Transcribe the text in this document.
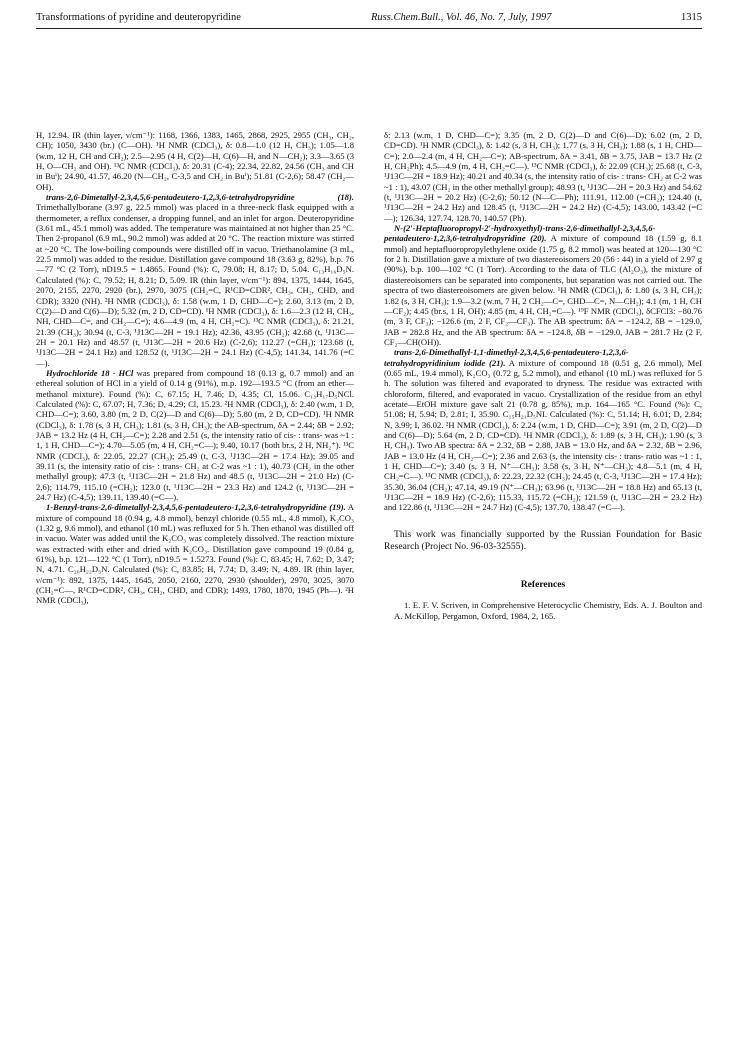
Transformations of pyridine and deuteropyridine	Russ.Chem.Bull., Vol. 46, No. 7, July, 1997	1315

H, 12.94. IR (thin layer, ν/cm⁻¹): 1168, 1366, 1383, 1465, 2868, 2925, 2955 (CH₃, CH₂, CH); 1050, 3430 (br.) (C—OH). ¹H NMR (CDCl₃), δ: 0.8—1.0 (12 H, CH₃); 1.05—1.8 (w.m, 12 H, CH and CH₂); 2.5—2.95 (4 H, C(2)—H, C(6)—H, and N—CH₂); 3.3—3.65 (3 H, O—CH₂ and OH). ¹³C NMR (CDCl₃), δ: 20.31 (C-4); 22.34, 22.82, 24.56 (CH₃ and CH in Buⁱ); 24.90, 41.57, 46.20 (N—CH₂, C-3,5 and CH₂ in Buⁱ); 51.81 (C-2,6); 58.47 (CH₂—OH).

trans-2,6-Dimetallyl-2,3,4,5,6-pentadeutero-1,2,3,6-tetrahydropyridine (18). Trimethallylborane (3.97 g, 22.5 mmol) was placed in a three-neck flask equipped with a thermometer, a reflux condenser, a dropping funnel, and an inlet for argon. Deuteropyridine (3.61 mL, 45.1 mmol) was added. The temperature was maintained at not higher than 25 °C. Then 2-propanol (6.9 mL, 90.2 mmol) was added at 20 °C. The reaction mixture was stirred at ~20 °C. The low-boiling compounds were distilled off in vacuo. Triethanolamine (3 mL, 22.5 mmol) was added to the residue. Distillation gave compound 18 (3.63 g, 82%), b.p. 76—77 °C (2 Torr), nD19.5 = 1.4865. Found (%): C, 79.08; H, 8.17; D, 5.04. C₁₃H₁₆D₅N. Calculated (%): C, 79.52; H, 8.21; D, 5.09. IR (thin layer, ν/cm⁻¹): 894, 1375, 1444, 1645, 2070, 2155, 2270, 2920 (br.), 2970, 3075 (CH₂=C, R¹CD=CDR², CH₃, CH₂, CHD, and CDR); 3320 (NH). ²H NMR (CDCl₃), δ: 1.58 (w.m, 1 D, CHD—C=); 2.60, 3.13 (m, 2 D, C(2)—D and C(6)—D); 5.32 (m, 2 D, CD=CD). ¹H NMR (CDCl₃), δ: 1.6—2.3 (12 H, CH₃, NH, CHD—C=, and CH₂—C=); 4.6—4.9 (m, 4 H, CH₂=C). ¹³C NMR (CDCl₃), δ: 21.21, 21.39 (CH₃); 30.94 (t, C-3, ¹J13C—2H = 19.1 Hz); 42.36, 43.95 (CH₂); 42.68 (t, ¹J13C—2H = 20.1 Hz) and 48.57 (t, ¹J13C—2H = 20.6 Hz) (C-2,6); 112.27 (=CH₂); 123.68 (t, ¹J13C—2H = 24.1 Hz) and 128.52 (t, ¹J13C—2H = 24.1 Hz) (C-4,5); 141.34, 141.76 (=C—).

Hydrochloride 18 · HCl was prepared from compound 18 (0.13 g, 0.7 mmol) and an ethereal solution of HCl in a yield of 0.14 g (91%), m.p. 192—193.5 °C (from an ether—methanol mixture). Found (%): C, 67.15; H, 7.46; D, 4.35; Cl, 15.06. C₁₃H₁₇D₅NCl. Calculated (%): C, 67.07; H, 7.36; D, 4.29; Cl, 15.23. ²H NMR (CDCl₃), δ: 2.40 (w.m, 1 D, CHD—C=); 3.60, 3.80 (m, 2 D, C(2)—D and C(6)—D); 5.80 (m, 2 D, CD=CD). ¹H NMR (CDCl₃), δ: 1.78 (s, 3 H, CH₃); 1.81 (s, 3 H, CH₃); the AB-spectrum, δA = 2.44; δB = 2.92; JAB = 13.2 Hz (4 H, CH₂—C=); 2.28 and 2.51 (s, the intensity ratio of cis- : trans- was ~1 : 1, 1 H, CHD—C=); 4.70—5.05 (m, 4 H, CH₂=C—); 9.40, 10.17 (both br.s, 2 H, NH₂⁺). ¹³C NMR (CDCl₃), δ: 22.05, 22.27 (CH₃); 25.49 (t, C-3, ¹J13C—2H = 17.4 Hz); 39.05 and 39.11 (s, the intensity ratio of cis- : trans- CH₂ at C-2 was ~1 : 1), 40.73 (CH₂ in the other methallyl group); 47.3 (t, ¹J13C—2H = 21.8 Hz) and 48.5 (t, ¹J13C—2H = 21.0 Hz) (C-2,6); 114.79, 115.10 (=CH₂); 123.0 (t, ¹J13C—2H = 23.3 Hz) and 124.2 (t, ¹J13C—2H = 24.7 Hz) (C-4,5); 139.11, 139.40 (=C—).

1-Benzyl-trans-2,6-dimetallyl-2,3,4,5,6-pentadeutero-1,2,3,6-tetrahydropyridine (19). A mixture of compound 18 (0.94 g, 4.8 mmol), benzyl chloride (0.55 mL, 4.8 mmol), K₂CO₃ (1.32 g, 9.6 mmol), and ethanol (10 mL) was refluxed for 5 h. Then ethanol was distilled off in vacuo. Water was added until the K₂CO₃ was completely dissolved. The reaction mixture was extracted with ether and dried with K₂CO₃. Distillation gave compound 19 (0.84 g, 61%), b.p. 121—122 °C (1 Torr), nD19.5 = 1.5273. Found (%): C, 83.45; H, 7.62; D, 3.47; N, 4.71. C₂₀H₂₂D₅N. Calculated (%): C, 83.85; H, 7.74; D, 3.49; N, 4.89. IR (thin layer, ν/cm⁻¹): 892, 1375, 1445, 1645, 2050, 2160, 2270, 2930 (shoulder), 2970, 3025, 3070 (CH₂=C—, R¹CD=CDR², CH₃, CH₂, CHD, and CDR); 1493, 1780, 1870, 1945 (Ph—). ²H NMR (CDCl₃),

δ: 2.13 (w.m, 1 D, CHD—C=); 3.35 (m, 2 D, C(2)—D and C(6)—D); 6.02 (m, 2 D, CD=CD). ¹H NMR (CDCl₃), δ: 1.42 (s, 3 H, CH₃); 1.77 (s, 3 H, CH₃); 1.88 (s, 1 H, CHD—C=); 2.0—2.4 (m, 4 H, CH₂—C=); AB-spectrum, δA = 3.41, δB = 3.75, JAB = 13.7 Hz (2 H, CH₂Ph); 4.5—4.9 (m, 4 H, CH₂=C—). ¹³C NMR (CDCl₃), δ: 22.09 (CH₃); 25.68 (t, C-3, ¹J13C—2H = 18.9 Hz); 40.21 and 40.34 (s, the intensity ratio of cis- : trans- CH₂ at C-2 was ~1 : 1), 43.07 (CH₂ in the other methallyl group); 48.93 (t, ¹J13C—2H = 20.3 Hz) and 54.62 (t, ¹J13C—2H = 20.2 Hz) (C-2,6); 50.12 (N—C—Ph); 111.91, 112.00 (=CH₂); 124.40 (t, ¹J13C—2H = 24.2 Hz) and 128.45 (t, ¹J13C—2H = 24.2 Hz) (C-4,5); 143.00, 143.42 (=C—); 126.34, 127.74, 128.70, 140.57 (Ph).

N-(2′-Heptafluoropropyl-2′-hydroxyethyl)-trans-2,6-dimethallyl-2,3,4,5,6-pentadeutero-1,2,3,6-tetrahydropyridine (20). A mixture of compound 18 (1.59 g, 8.1 mmol) and heptafluoropropylethylene oxide (1.75 g, 8.2 mmol) was heated at 120—130 °C for 2 h. Distillation gave a mixture of two diastereoisomers 20 (56 : 44) in a yield of 2.97 g (90%), b.p. 100—102 °C (1 Torr). According to the data of TLC (Al₂O₃), the mixture of diastereoisomers can be separated into components, but separation was not carried out. The spectra of two diastereoisomers are given below. ¹H NMR (CDCl₃), δ: 1.80 (s, 3 H, CH₃); 1.82 (s, 3 H, CH₃); 1.9—3.2 (w.m, 7 H, 2 CH₂—C=, CHD—C=, N—CH₂); 4.1 (m, 1 H, CH—CF₂); 4.45 (br.s, 1 H, OH); 4.85 (m, 4 H, CH₂=C—). ¹⁹F NMR (CDCl₃), δCFCl3: −80.76 (m, 3 F, CF₃); −126.6 (m, 2 F, CF₂—CF₃). The AB spectrum: δA = −124.2, δB = −129.0, JAB = 282.8 Hz, and the AB spectrum: δA = −124.8, δB = −129.0, JAB = 281.7 Hz (2 F, CF₂—CH(OH)).

trans-2,6-Dimethallyl-1,1-dimethyl-2,3,4,5,6-pentadeutero-1,2,3,6-tetrahydropyridinium iodide (21). A mixture of compound 18 (0.51 g, 2.6 mmol), MeI (0.65 mL, 19.4 mmol), K₂CO₃ (0.72 g, 5.2 mmol), and ethanol (10 mL) was refluxed for 5 h. The solution was filtered and evaporated to dryness. The residue was extracted with chloroform, filtered, and evaporated in vacuo. Crystallization of the residue from an ethyl acetate—EtOH mixture gave salt 21 (0.78 g, 85%), m.p. 164—165 °C. Found (%): C, 51.08; H, 5.94; D, 2.81; I, 35.90. C₁₅H₂₁D₅NI. Calculated (%): C, 51.14; H, 6.01; D, 2.84; N, 3.99; I, 36.02. ²H NMR (CDCl₃), δ: 2.24 (w.m, 1 D, CHD—C=); 3.91 (m, 2 D, C(2)—D and C(6)—D); 5.64 (m, 2 D, CD=CD). ¹H NMR (CDCl₃), δ: 1.89 (s, 3 H, CH₃); 1.90 (s, 3 H, CH₃). Two AB spectra: δA = 2.32, δB = 2.88, JAB = 13.0 Hz, and δA = 2.32, δB = 2.96, JAB = 13.0 Hz (4 H, CH₂—C=); 2.36 and 2.63 (s, the intensity cis- : trans- ratio was ~1 : 1, 1 H, CHD—C=); 3.40 (s, 3 H, N⁺—CH₃); 3.58 (s, 3 H, N⁺—CH₃); 4.8—5.1 (m, 4 H, CH₂=C—). ¹³C NMR (CDCl₃), δ: 22.23, 22.32 (CH₃); 24.45 (t, C-3, ¹J13C—2H = 17.4 Hz); 35.30, 36.04 (CH₂); 47.14, 49.19 (N⁺—CH₃); 63.96 (t, ¹J13C—2H = 18.8 Hz) and 65.13 (t, ¹J13C—2H = 18.9 Hz) (C-2,6); 115.33, 115.72 (=CH₂); 121.59 (t, ¹J13C—2H = 23.2 Hz) and 122.86 (t, ¹J13C—2H = 24.7 Hz) (C-4,5); 137.70, 138.47 (=C—).

This work was financially supported by the Russian Foundation for Basic Research (Project No. 96-03-32555).

References

1. E. F. V. Scriven, in Comprehensive Heterocyclic Chemistry, Eds. A. J. Boulton and A. McKillop, Pergamon, Oxford, 1984, 2, 165.
